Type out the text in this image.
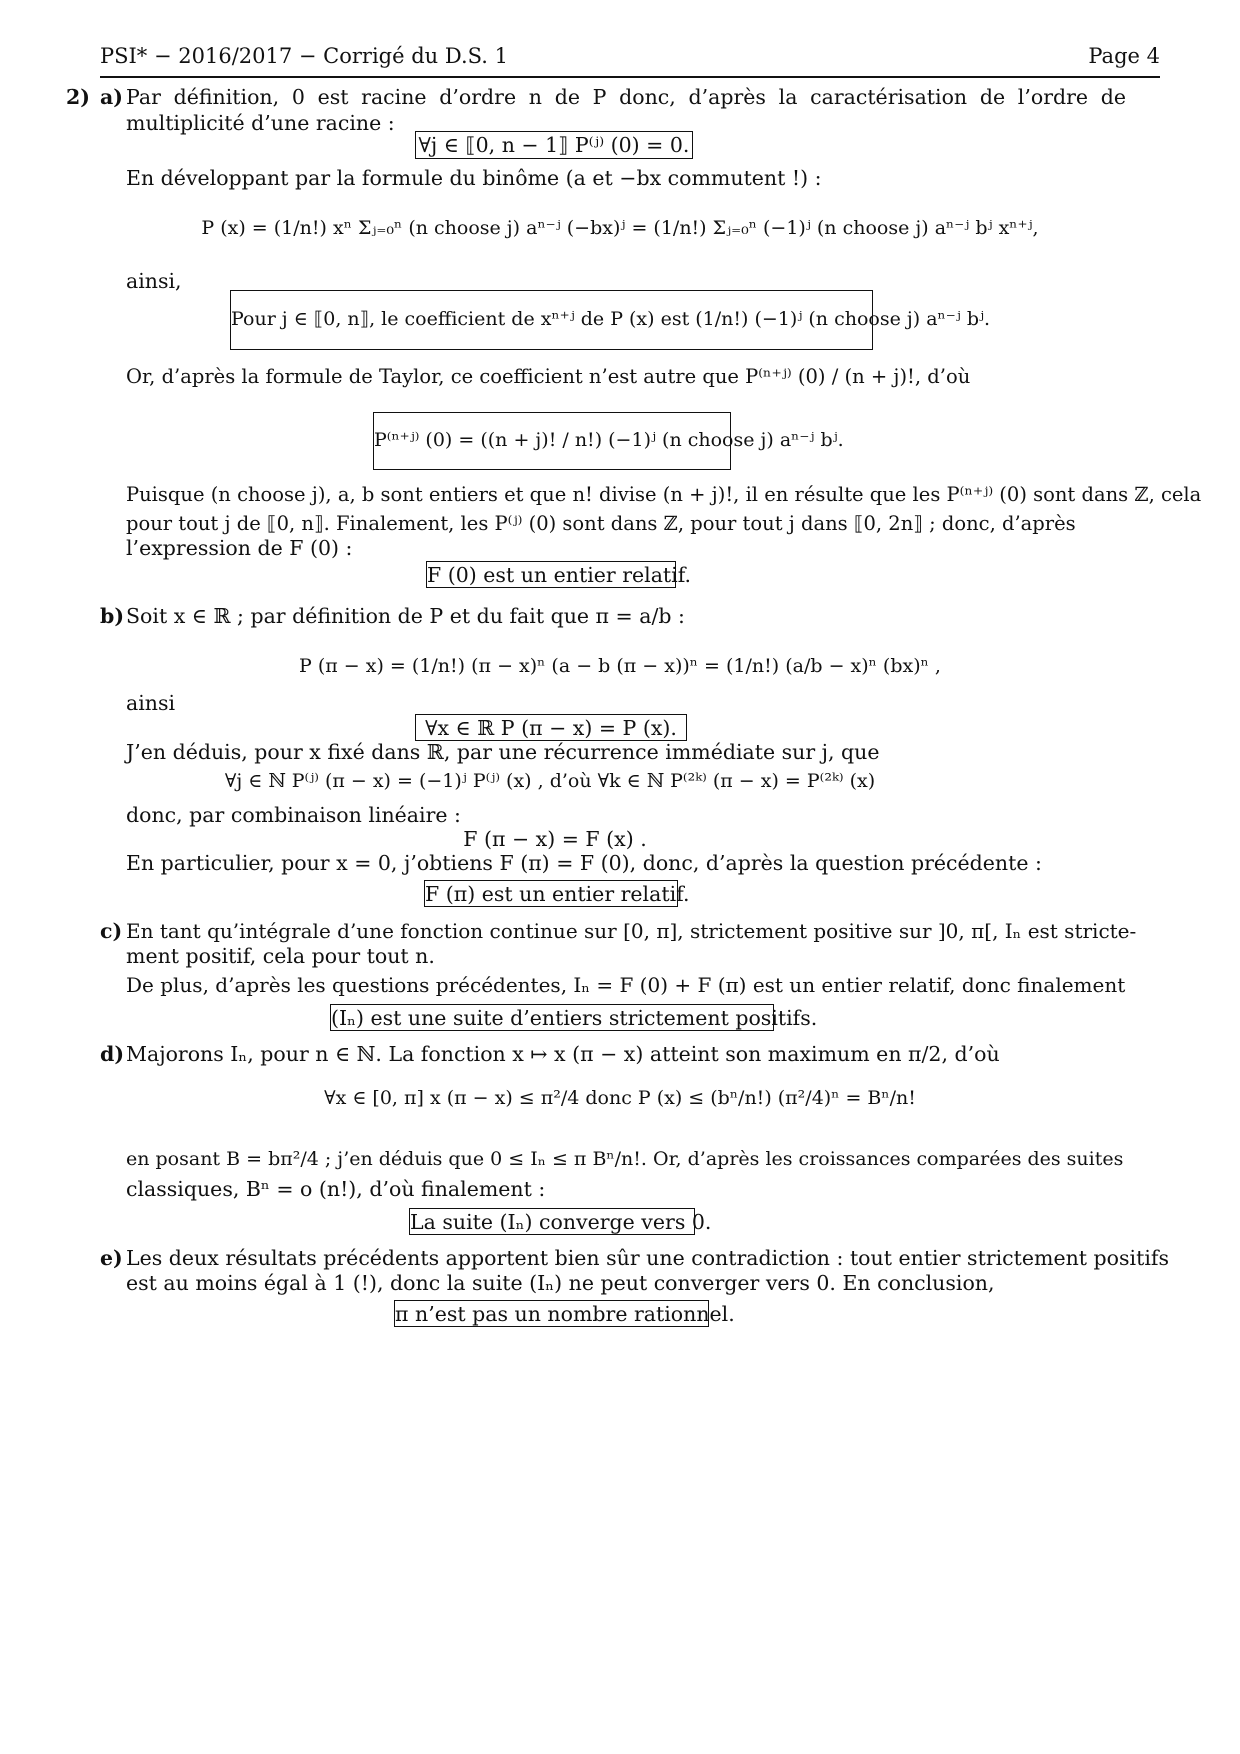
PSI* − 2016/2017 − Corrigé du D.S. 1	Page 4
2) a) Par définition, 0 est racine d’ordre n de P donc, d’après la caractérisation de l’ordre de multiplicité d’une racine :
∀j ∈ ⟦0, n − 1⟧ P⁽ʲ⁾ (0) = 0.
En développant par la formule du binôme (a et −bx commutent !) :
P (x) = (1/n!) xⁿ Σⱼ₌₀ⁿ (n choose j) aⁿ⁻ʲ (−bx)ʲ = (1/n!) Σⱼ₌₀ⁿ (−1)ʲ (n choose j) aⁿ⁻ʲ bʲ xⁿ⁺ʲ,
ainsi,
Pour j ∈ ⟦0, n⟧, le coefficient de xⁿ⁺ʲ de P (x) est (1/n!) (−1)ʲ (n choose j) aⁿ⁻ʲ bʲ.
Or, d’après la formule de Taylor, ce coefficient n’est autre que P⁽ⁿ⁺ʲ⁾ (0) / (n + j)!, d’où
P⁽ⁿ⁺ʲ⁾ (0) = ((n + j)! / n!) (−1)ʲ (n choose j) aⁿ⁻ʲ bʲ.
Puisque (n choose j), a, b sont entiers et que n! divise (n + j)!, il en résulte que les P⁽ⁿ⁺ʲ⁾ (0) sont dans ℤ, cela
pour tout j de ⟦0, n⟧. Finalement, les P⁽ʲ⁾ (0) sont dans ℤ, pour tout j dans ⟦0, 2n⟧ ; donc, d’après
l’expression de F (0) :
F (0) est un entier relatif.
b) Soit x ∈ ℝ ; par définition de P et du fait que π = a/b :
P (π − x) = (1/n!) (π − x)ⁿ (a − b (π − x))ⁿ = (1/n!) (a/b − x)ⁿ (bx)ⁿ ,
ainsi
∀x ∈ ℝ P (π − x) = P (x).
J’en déduis, pour x fixé dans ℝ, par une récurrence immédiate sur j, que
∀j ∈ ℕ P⁽ʲ⁾ (π − x) = (−1)ʲ P⁽ʲ⁾ (x) , d’où ∀k ∈ ℕ P⁽²ᵏ⁾ (π − x) = P⁽²ᵏ⁾ (x)
donc, par combinaison linéaire :
F (π − x) = F (x) .
En particulier, pour x = 0, j’obtiens F (π) = F (0), donc, d’après la question précédente :
F (π) est un entier relatif.
c) En tant qu’intégrale d’une fonction continue sur [0, π], strictement positive sur ]0, π[, Iₙ est stricte-
ment positif, cela pour tout n.
De plus, d’après les questions précédentes, Iₙ = F (0) + F (π) est un entier relatif, donc finalement
(Iₙ) est une suite d’entiers strictement positifs.
d) Majorons Iₙ, pour n ∈ ℕ. La fonction x ↦ x (π − x) atteint son maximum en π/2, d’où
∀x ∈ [0, π] x (π − x) ≤ π²/4 donc P (x) ≤ (bⁿ/n!) (π²/4)ⁿ = Bⁿ/n!
en posant B = bπ²/4 ; j’en déduis que 0 ≤ Iₙ ≤ π Bⁿ/n!. Or, d’après les croissances comparées des suites
classiques, Bⁿ = o (n!), d’où finalement :
La suite (Iₙ) converge vers 0.
e) Les deux résultats précédents apportent bien sûr une contradiction : tout entier strictement positifs
est au moins égal à 1 (!), donc la suite (Iₙ) ne peut converger vers 0. En conclusion,
π n’est pas un nombre rationnel.
